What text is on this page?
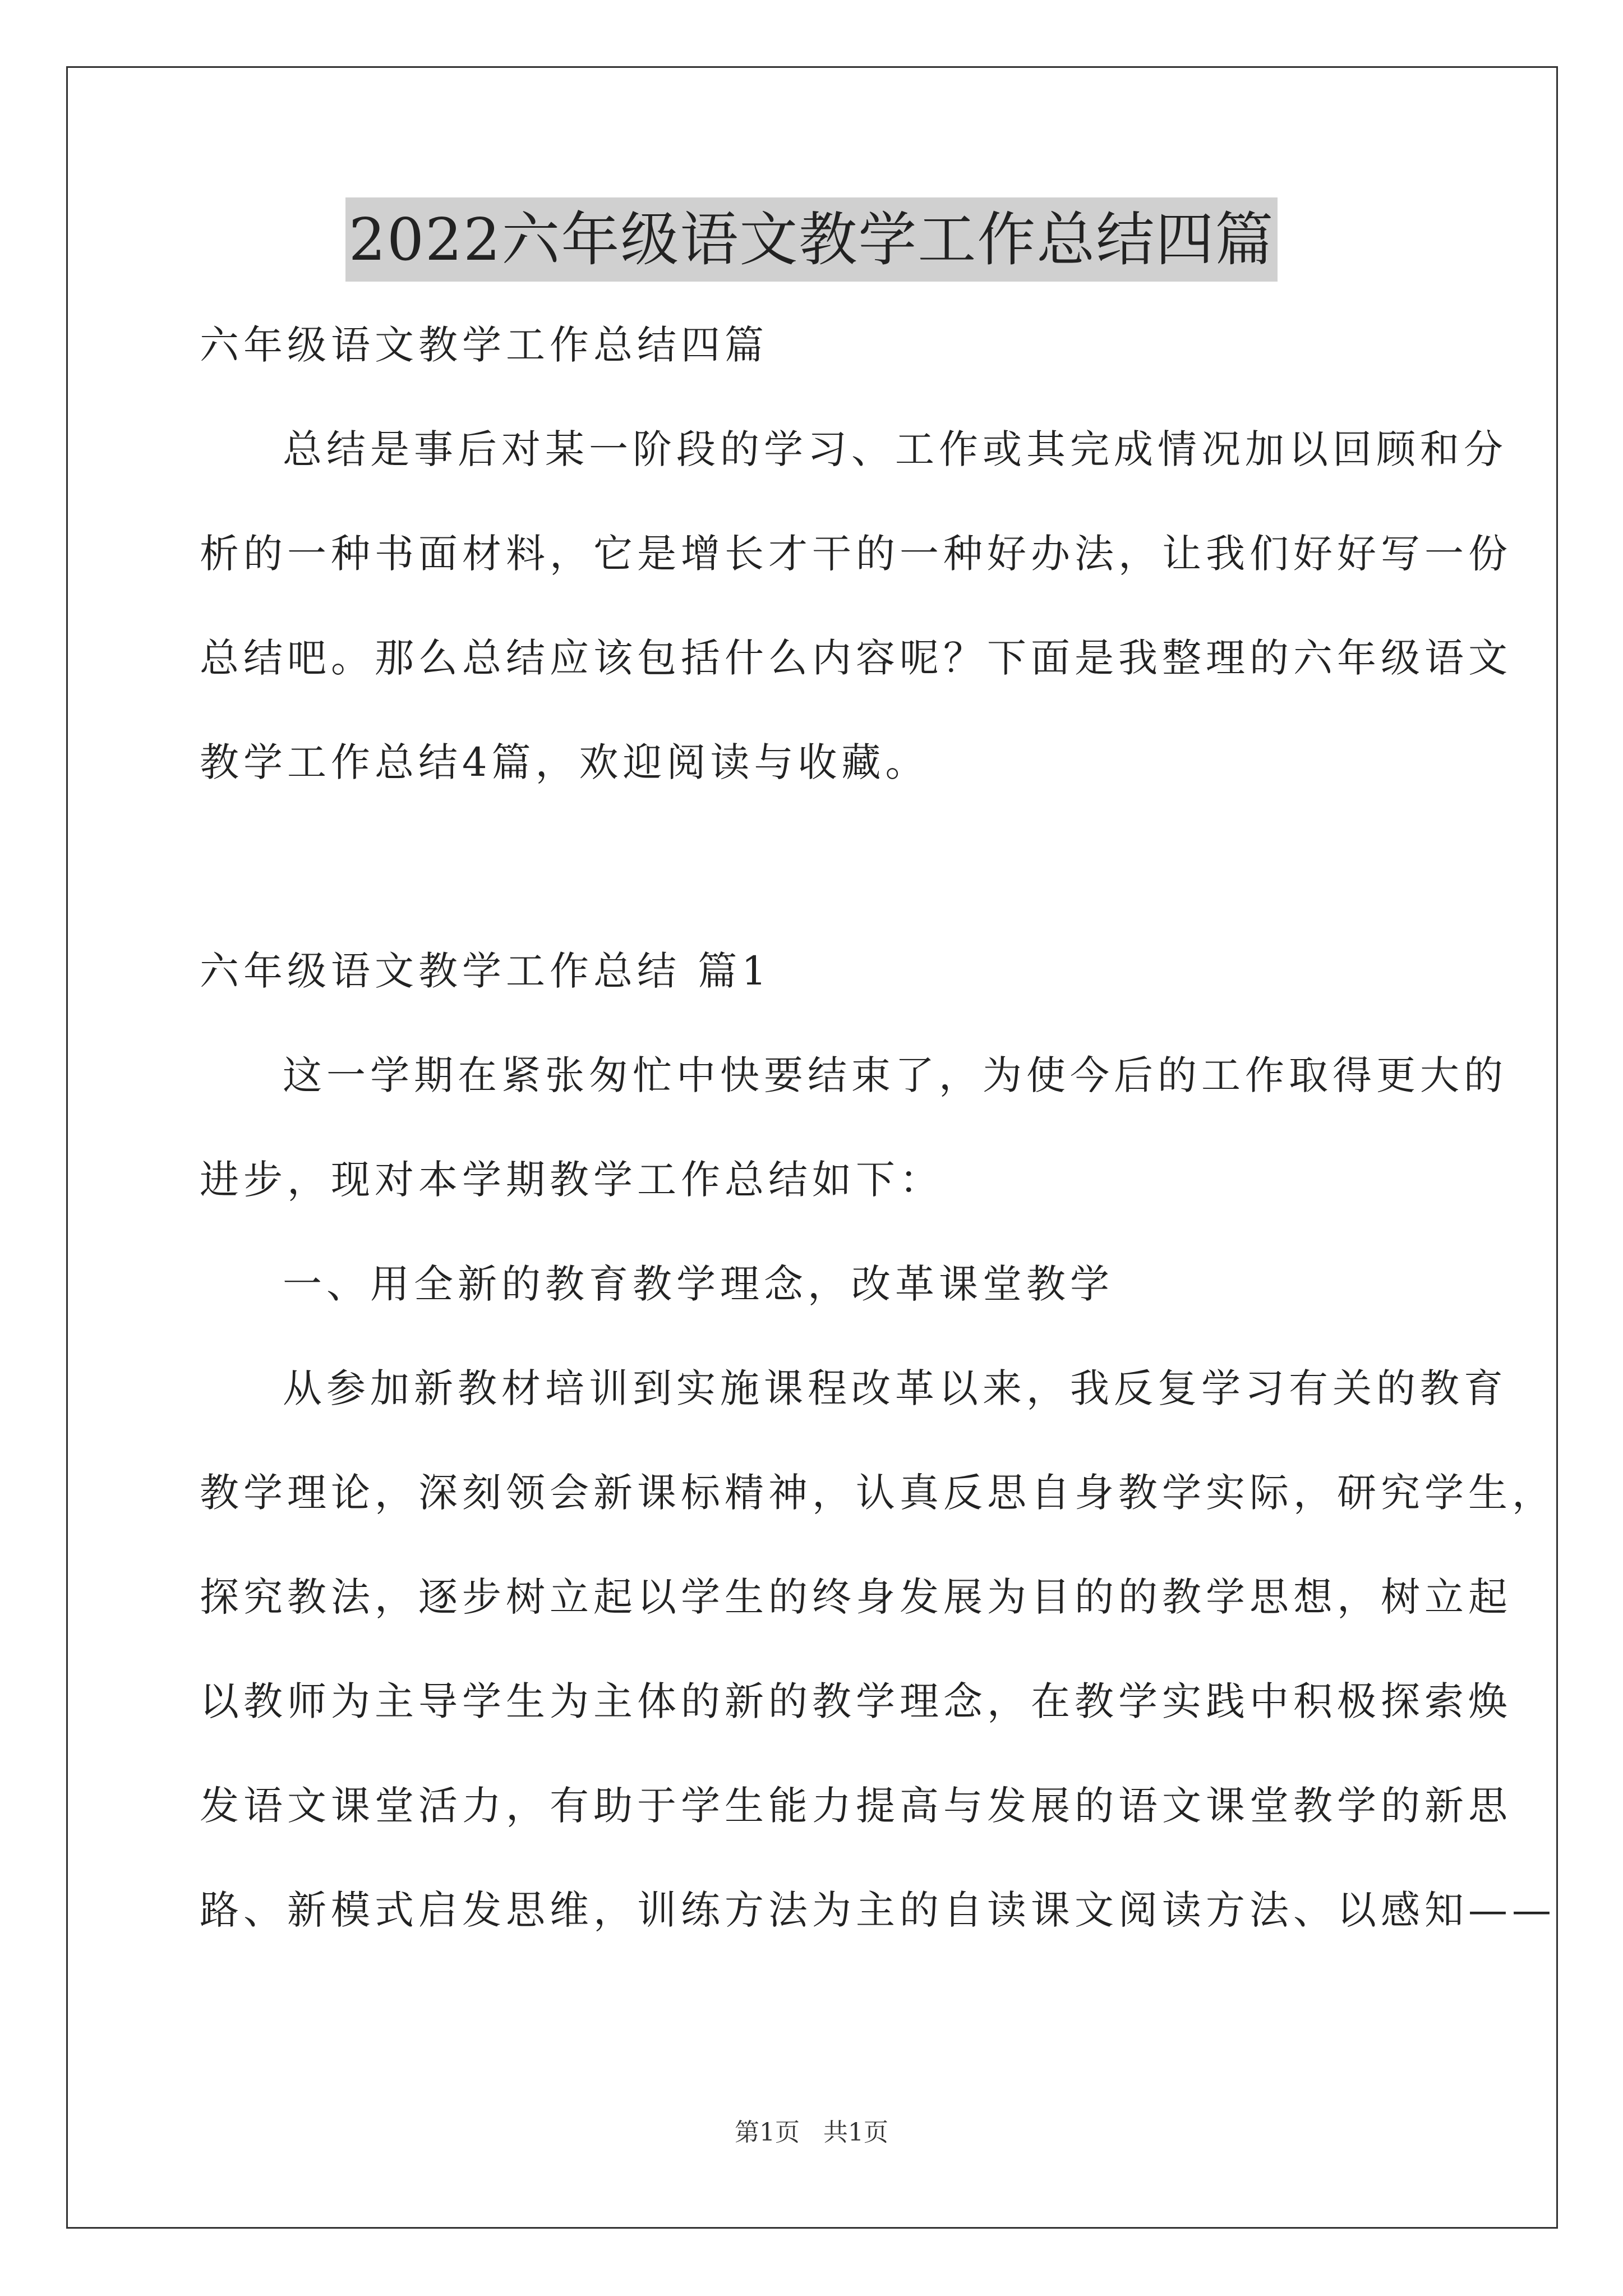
2022六年级语文教学工作总结四篇
六年级语文教学工作总结四篇
总结是事后对某一阶段的学习、工作或其完成情况加以回顾和分
析的一种书面材料，它是增长才干的一种好办法，让我们好好写一份
总结吧。那么总结应该包括什么内容呢？下面是我整理的六年级语文
教学工作总结4篇，欢迎阅读与收藏。
六年级语文教学工作总结 篇1
这一学期在紧张匆忙中快要结束了，为使今后的工作取得更大的
进步，现对本学期教学工作总结如下：
一、用全新的教育教学理念，改革课堂教学
从参加新教材培训到实施课程改革以来，我反复学习有关的教育
教学理论，深刻领会新课标精神，认真反思自身教学实际，研究学生，
探究教法，逐步树立起以学生的终身发展为目的的教学思想，树立起
以教师为主导学生为主体的新的教学理念，在教学实践中积极探索焕
发语文课堂活力，有助于学生能力提高与发展的语文课堂教学的新思
路、新模式启发思维，训练方法为主的自读课文阅读方法、以感知——
第1页 共1页
